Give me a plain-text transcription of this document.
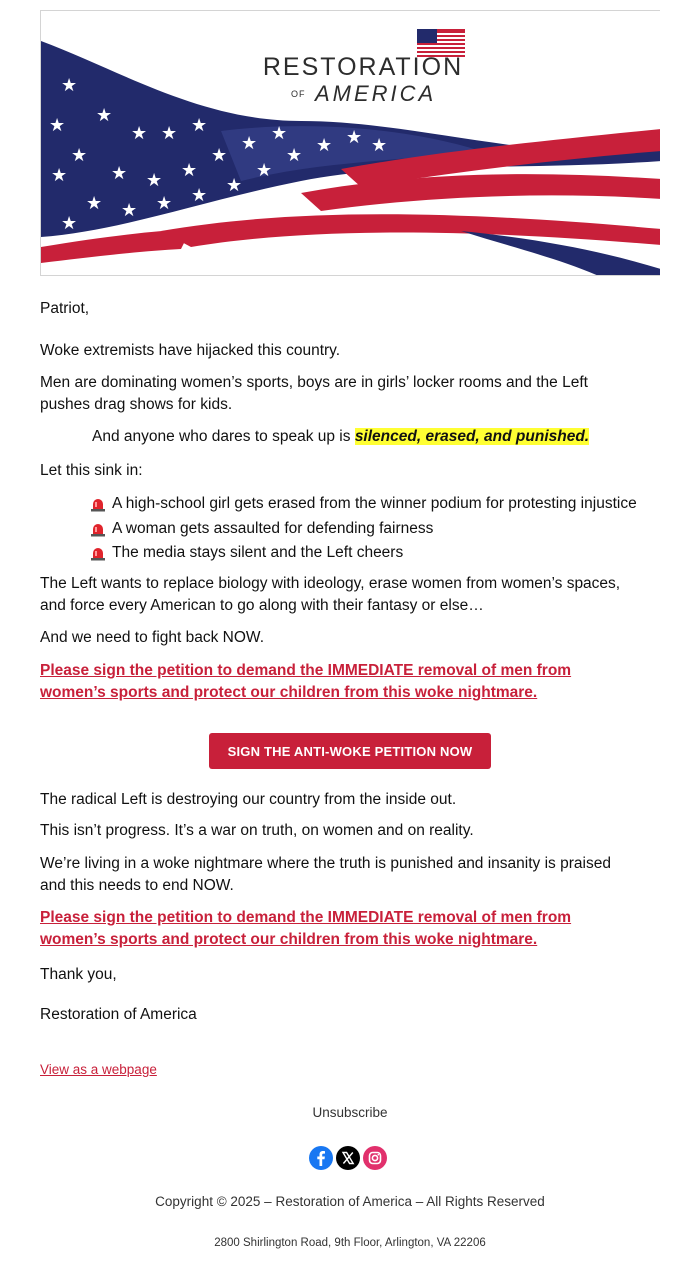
★
★
★ ★ ★
★
★
★ ★ ★
★
★ ★
★
★ ★ ★ ★ ★
★
★ ★ ★
★
★
RESTORATION
OF AMERICA

Patriot,

Woke extremists have hijacked this country.

Men are dominating women’s sports, boys are in girls’ locker rooms and the Left pushes drag shows for kids.

And anyone who dares to speak up is silenced, erased, and punished.

Let this sink in:

A high-school girl gets erased from the winner podium for protesting injustice
A woman gets assaulted for defending fairness
The media stays silent and the Left cheers

The Left wants to replace biology with ideology, erase women from women’s spaces, and force every American to go along with their fantasy or else…

And we need to fight back NOW.

Please sign the petition to demand the IMMEDIATE removal of men from women’s sports and protect our children from this woke nightmare.
SIGN THE ANTI-WOKE PETITION NOW

The radical Left is destroying our country from the inside out.

This isn’t progress. It’s a war on truth, on women and on reality.

We’re living in a woke nightmare where the truth is punished and insanity is praised and this needs to end NOW.

Please sign the petition to demand the IMMEDIATE removal of men from women’s sports and protect our children from this woke nightmare.

Thank you,

Restoration of America

View as a webpage
Unsubscribe
Copyright © 2025 – Restoration of America – All Rights Reserved
2800 Shirlington Road, 9th Floor, Arlington, VA 22206
